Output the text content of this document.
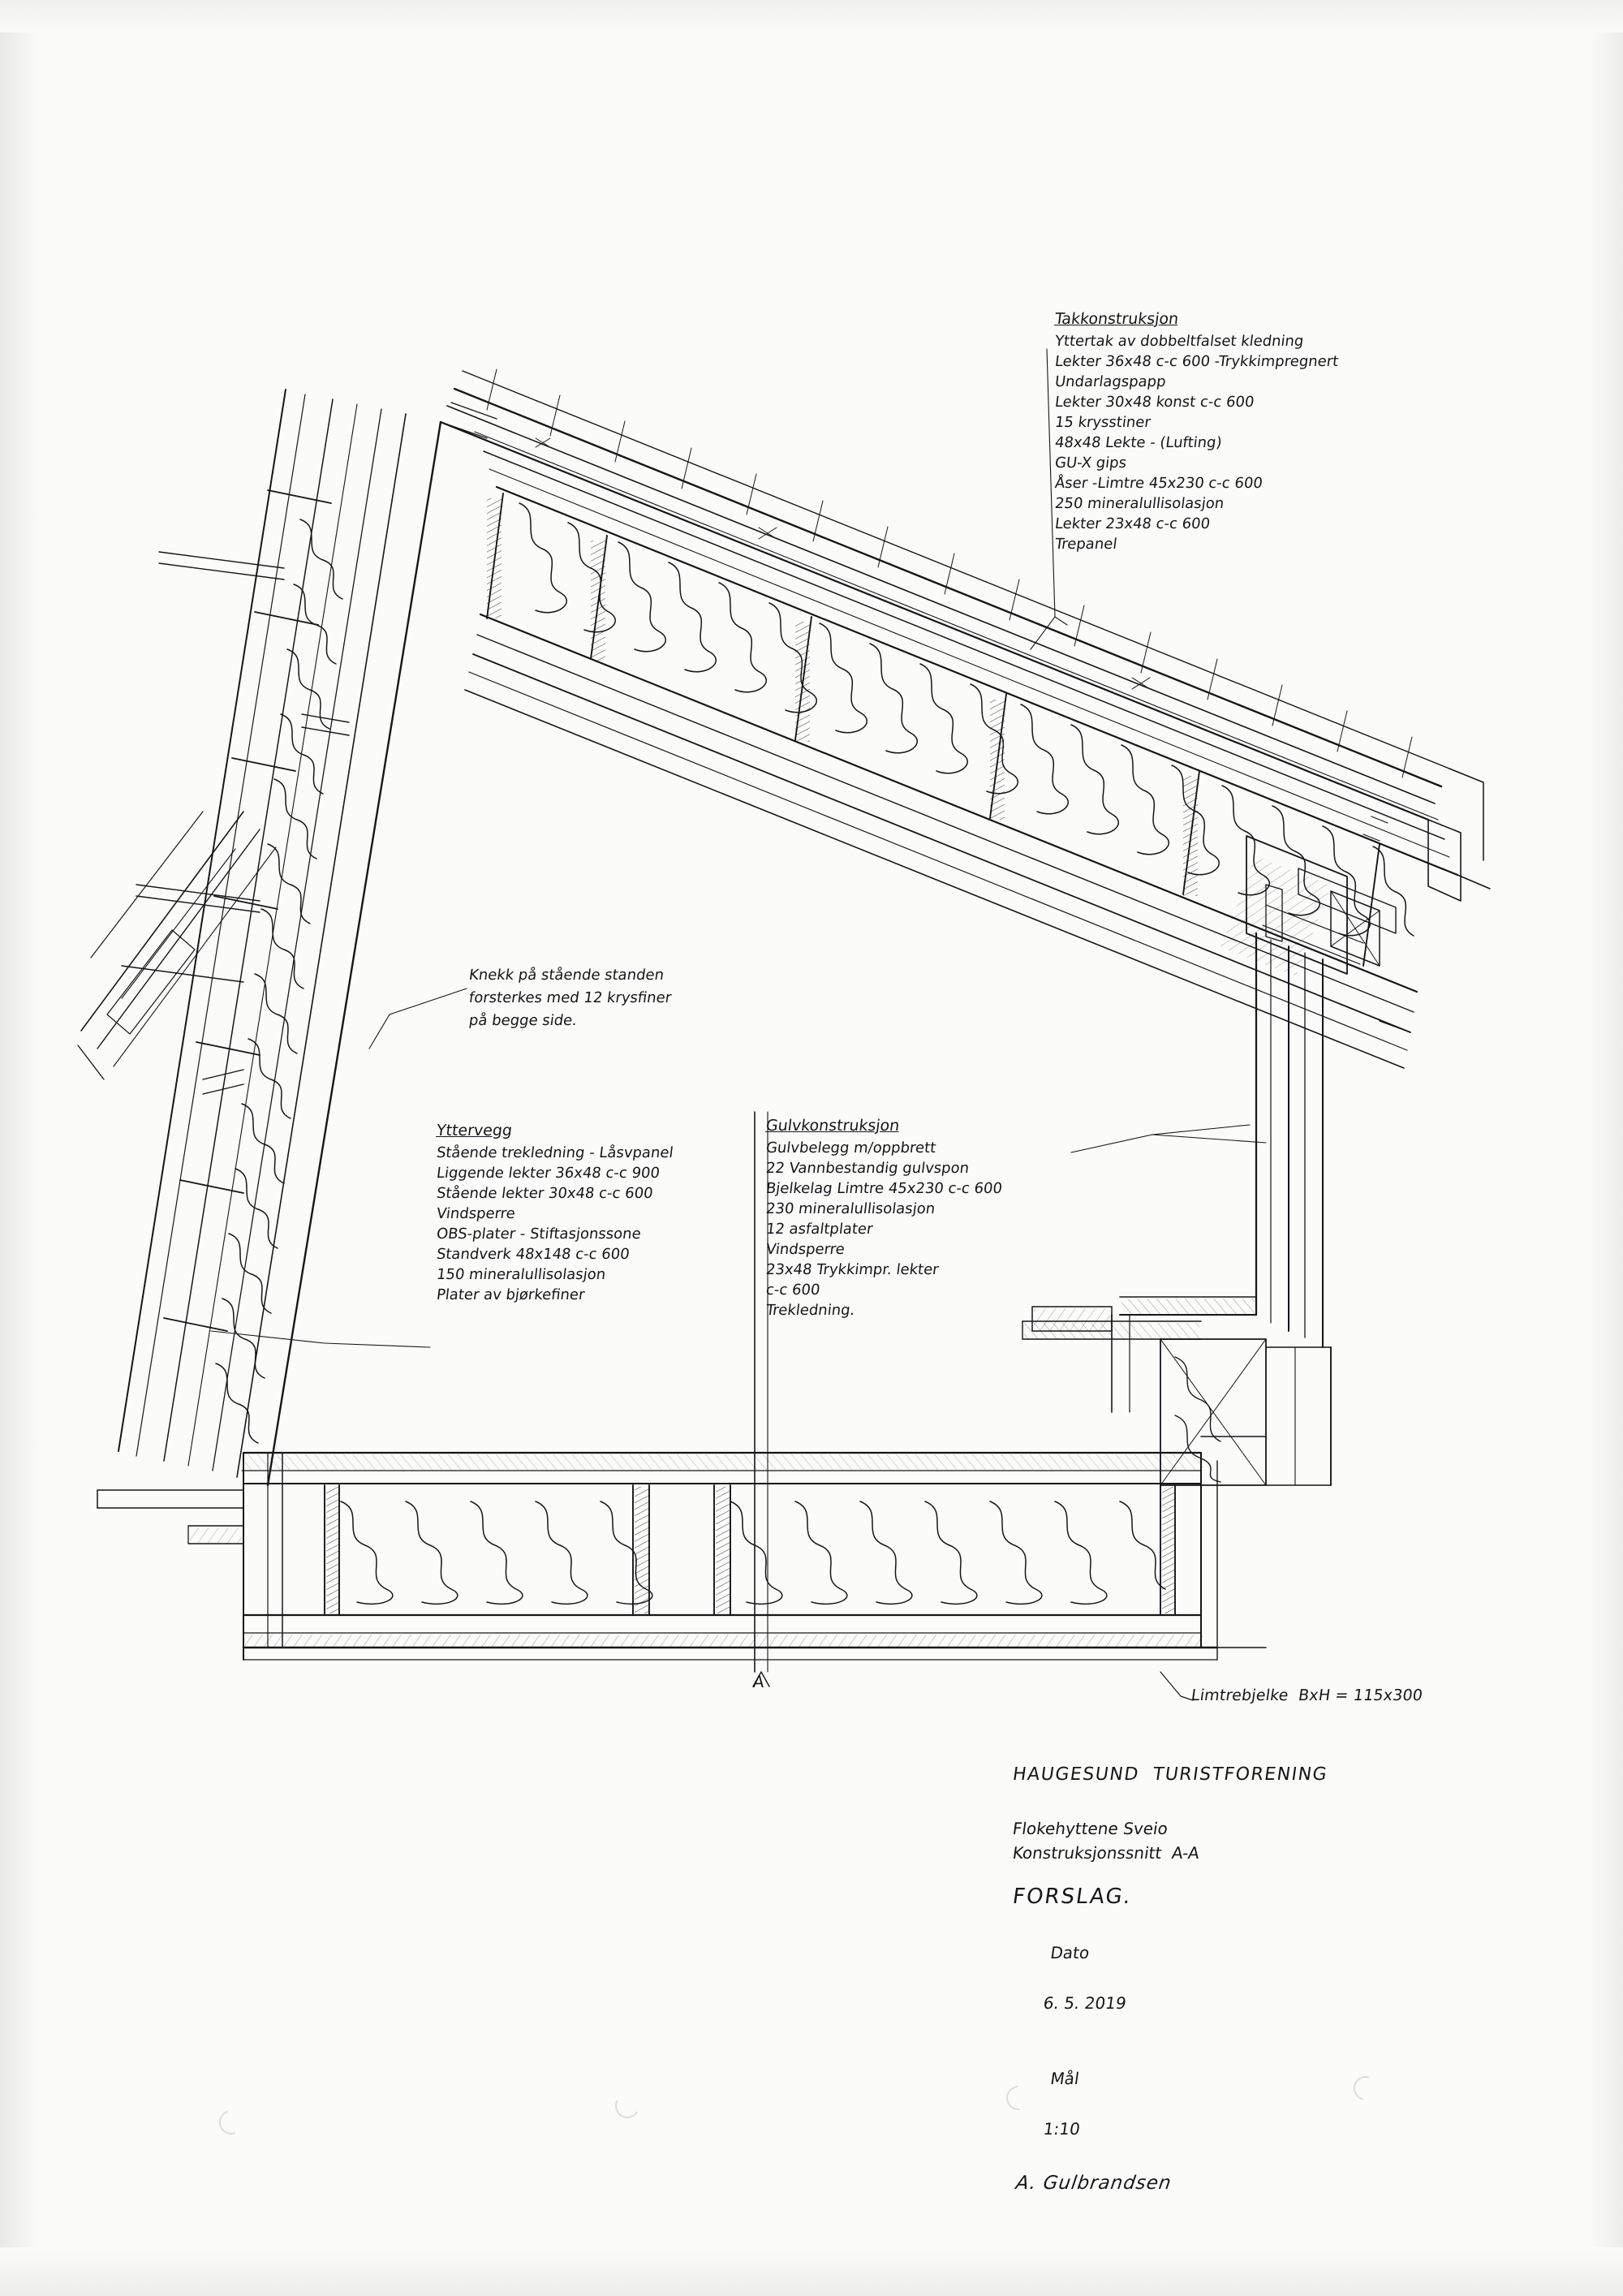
Takkonstruksjon
Yttertak av dobbeltfalset kledning
Lekter 36x48 c-c 600 -Trykkimpregnert
Undarlagspapp
Lekter 30x48 konst c-c 600
15 krysstiner
48x48 Lekte - (Lufting)
GU-X gips
Åser -Limtre 45x230 c-c 600
250 mineralullisolasjon
Lekter 23x48 c-c 600
Trepanel
Knekk på stående standen
forsterkes med 12 krysfiner
på begge side.
Yttervegg
Stående trekledning - Låsvpanel
Liggende lekter 36x48 c-c 900
Stående lekter 30x48 c-c 600
Vindsperre
OBS-plater - Stiftasjonssone
Standverk 48x148 c-c 600
150 mineralullisolasjon
Plater av bjørkefiner
Gulvkonstruksjon
Gulvbelegg m/oppbrett
22 Vannbestandig gulvspon
Bjelkelag Limtre 45x230 c-c 600
230 mineralullisolasjon
12 asfaltplater
Vindsperre
23x48 Trykkimpr. lekter
c-c 600
Trekledning.
Limtrebjelke  BxH = 115x300
A
HAUGESUND  TURISTFORENING
Flokehyttene Sveio
Konstruksjonssnitt  A-A
FORSLAG.

Dato

6. 5. 2019

Mål

1:10

A. Gulbrandsen
